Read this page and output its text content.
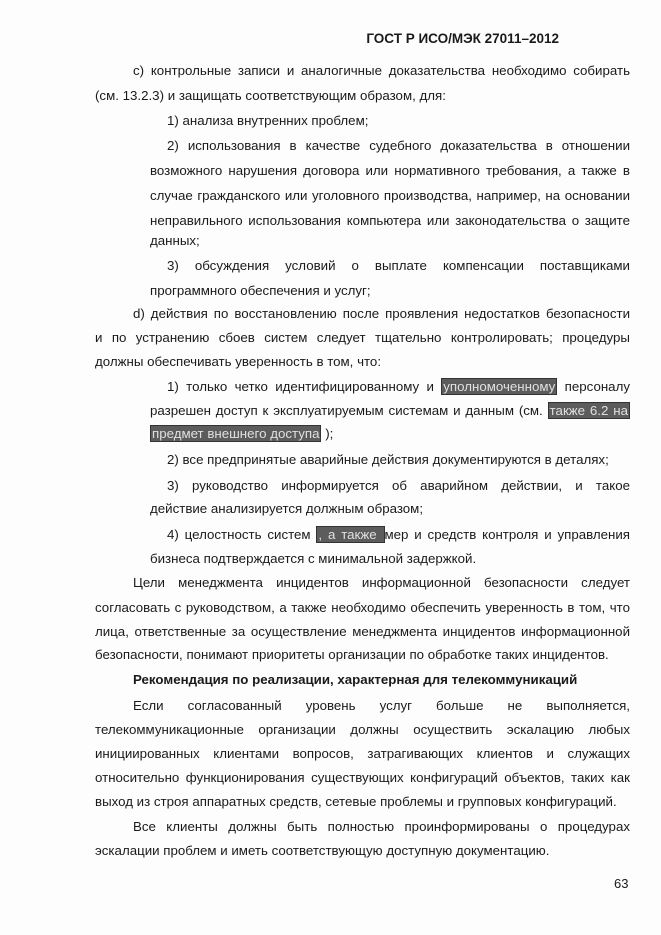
ГОСТ Р ИСО/МЭК 27011–2012
c) контрольные записи и аналогичные доказательства необходимо собирать
(см. 13.2.3) и защищать соответствующим образом, для:
1) анализа внутренних проблем;
2) использования в качестве судебного доказательства в отношении
возможного нарушения договора или нормативного требования, а также в
случае гражданского или уголовного производства, например, на основании
неправильного использования компьютера или законодательства о защите
данных;
3) обсуждения условий о выплате компенсации поставщиками
программного обеспечения и услуг;
d) действия по восстановлению после проявления недостатков безопасности
и по устранению сбоев систем следует тщательно контролировать; процедуры
должны обеспечивать уверенность в том, что:
1) только четко идентифицированному и уполномоченному персоналу
разрешен доступ к эксплуатируемым системам и данным (см. также 6.2 на
предмет внешнего доступа );
2) все предпринятые аварийные действия документируются в деталях;
3) руководство информируется об аварийном действии, и такое
действие анализируется должным образом;
4) целостность систем , а также мер и средств контроля и управления
бизнеса подтверждается с минимальной задержкой.
Цели менеджмента инцидентов информационной безопасности следует
согласовать с руководством, а также необходимо обеспечить уверенность в том, что
лица, ответственные за осуществление менеджмента инцидентов информационной
безопасности, понимают приоритеты организации по обработке таких инцидентов.
Рекомендация по реализации, характерная для телекоммуникаций
Если согласованный уровень услуг больше не выполняется,
телекоммуникационные организации должны осуществить эскалацию любых
инициированных клиентами вопросов, затрагивающих клиентов и служащих
относительно функционирования существующих конфигураций объектов, таких как
выход из строя аппаратных средств, сетевые проблемы и групповых конфигураций.
Все клиенты должны быть полностью проинформированы о процедурах
эскалации проблем и иметь соответствующую доступную документацию.
63
